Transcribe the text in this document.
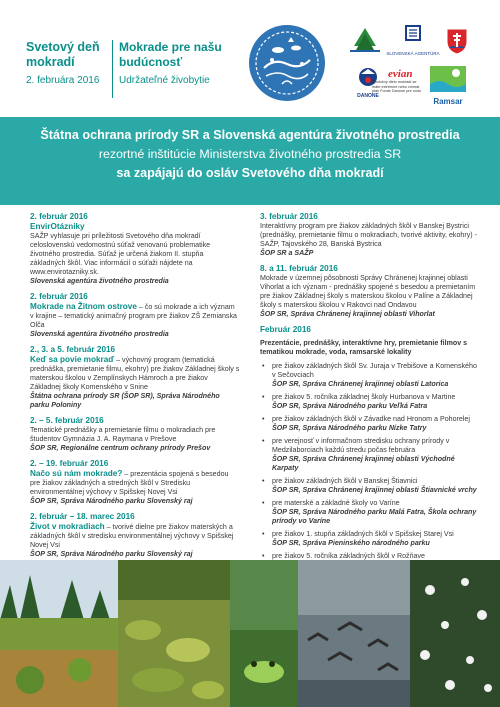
Svetový deň
mokradí
2. februára 2016
Mokrade pre našu
budúcnosť
Udržateľné živobytie
SLOVENSKÁ AGENTÚRA
DANONE
Spoločný dielo mokradí se máte extrémne nebo vnímat plán Fonds Danone pre vodu
evian
Ramsar
Štátna ochrana prírody SR a Slovenská agentúra životného prostredia
rezortné inštitúcie Ministerstva životného prostredia SR
sa zapájajú do osláv Svetového dňa mokradí
2. február 2016
EnvirOtázniky
SAŽP vyhlasuje pri príležitosti Svetového dňa mokradí celoslovenskú vedomostnú súťaž venovanú problematike životného prostredia. Súťaž je určená žiakom II. stupňa základných škôl. Viac informácií o súťaži nájdete na www.envirotazniky.sk.
Slovenská agentúra životného prostredia
2. február 2016
Mokrade na Žitnom ostrove – čo sú mokrade a ich význam v krajine – tematický animačný program pre žiakov ZŠ Zemianska Olča
Slovenská agentúra životného prostredia
2., 3. a 5. február 2016
Keď sa povie mokraď – výchovný program (tematická prednáška, premietanie filmu, ekohry) pre žiakov Základnej školy s materskou školou v Zemplínskych Hámroch a pre žiakov Základnej školy Komenského v Snine
Štátna ochrana prírody SR (ŠOP SR), Správa Národného parku Poloniny
2. – 5. február 2016
Tematické prednášky a premietanie filmu o mokradiach pre študentov Gymnázia J. A. Raymana v Prešove
ŠOP SR, Regionálne centrum ochrany prírody Prešov
2. – 19. február 2016
Načo sú nám mokrade? – prezentácia spojená s besedou pre žiakov základných a stredných škôl v Stredisku environmentálnej výchovy v Spišskej Novej Vsi
ŠOP SR, Správa Národného parku Slovenský raj
2. február – 18. marec 2016
Život v mokradiach – tvorivé dielne pre žiakov materských a základných škôl v stredisku environmentálnej výchovy v Spišskej Novej Vsi
ŠOP SR, Správa Národného parku Slovenský raj
3. február 2016
Interaktívny program pre žiakov základných škôl v Banskej Bystrici (prednášky, premietanie filmu o mokradiach, tvorivé aktivity, ekohry) - SAŽP, Tajovského 28, Banská Bystrica
ŠOP SR a SAŽP
8. a 11. február 2016
Mokrade v územnej pôsobnosti Správy Chránenej krajinnej oblasti Vihorlat a ich význam - prednášky spojené s besedou a premietaním pre žiakov Základnej školy s materskou školou v Palíne a Základnej školy s materskou školou v Rakovci nad Ondavou
ŠOP SR, Správa Chránenej krajinnej oblasti Vihorlat
Február 2016
Prezentácie, prednášky, interaktívne hry, premietanie filmov s tematikou mokrade, voda, ramsarské lokality
• pre žiakov základných škôl Sv. Juraja v Trebišove a Komenského v Sečovciach
ŠOP SR, Správa Chránenej krajinnej oblasti Latorica
• pre žiakov 5. ročníka základnej školy Hurbanova v Martine
ŠOP SR, Správa Národného parku Veľká Fatra
• pre žiakov základných škôl v Závadke nad Hronom a Pohorelej
ŠOP SR, Správa Národného parku Nízke Tatry
• pre verejnosť v informačnom stredisku ochrany prírody v Medzilaborciach každú stredu počas februára
ŠOP SR, Správa Chránenej krajinnej oblasti Východné Karpaty
• pre žiakov základných škôl v Banskej Štiavnici
ŠOP SR, Správa Chránenej krajinnej oblasti Štiavnické vrchy
• pre materské a základné školy vo Varíne
ŠOP SR, Správa Národného parku Malá Fatra, Škola ochrany prírody vo Varíne
• pre žiakov 1. stupňa základných škôl v Spišskej Starej Vsi
ŠOP SR, Správa Pieninského národného parku
• pre žiakov 5. ročníka základných škôl v Rožňave
